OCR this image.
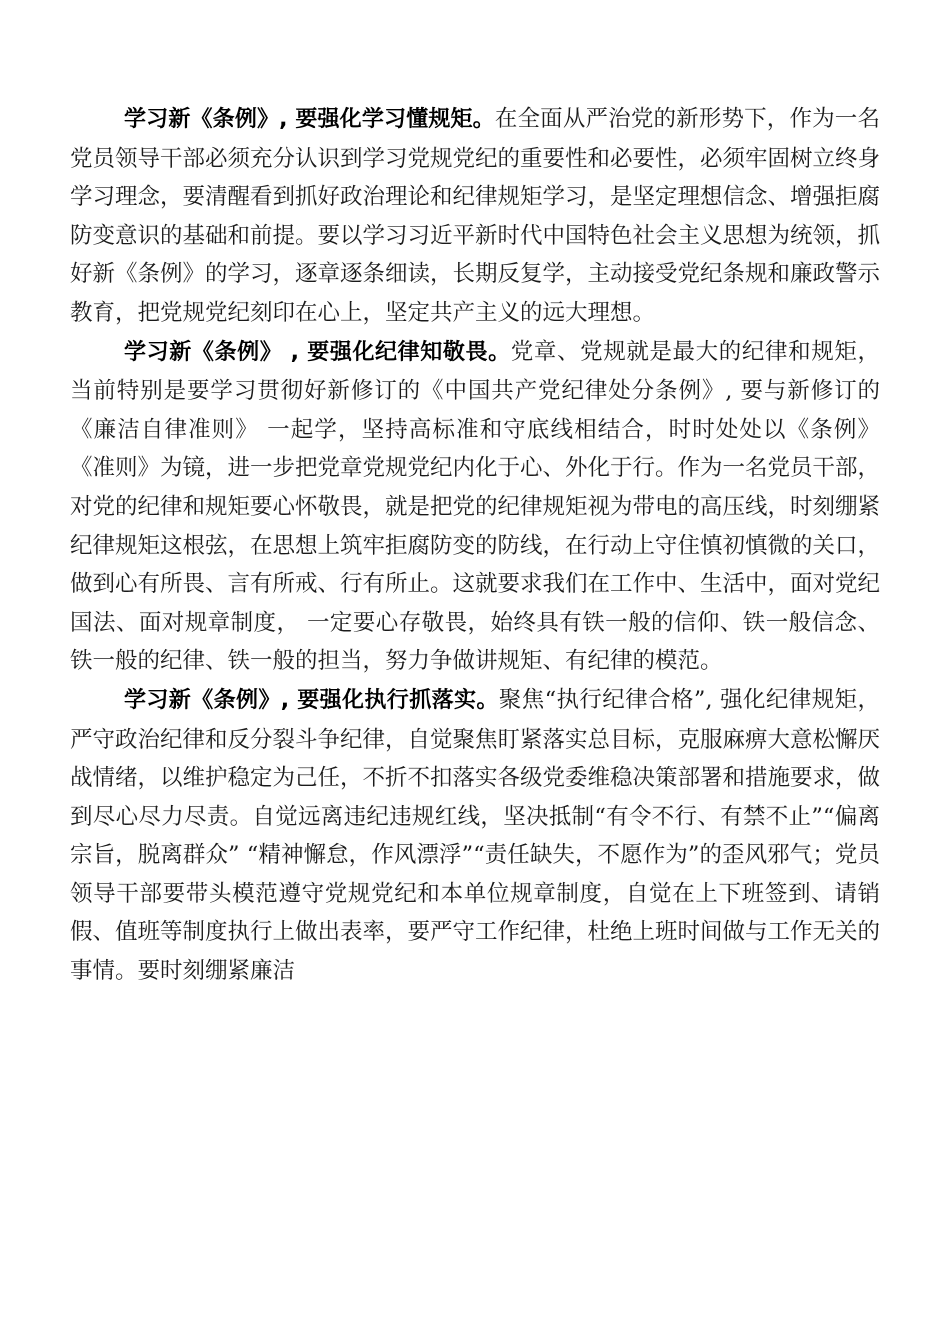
学习新《条例》, 要强化学习懂规矩。在全面从严治党的新形势下，作为一名党员领导干部必须充分认识到学习党规党纪的重要性和必要性，必须牢固树立终身学习理念，要清醒看到抓好政治理论和纪律规矩学习，是坚定理想信念、增强拒腐防变意识的基础和前提。要以学习习近平新时代中国特色社会主义思想为统领，抓好新《条例》的学习，逐章逐条细读，长期反复学，主动接受党纪条规和廉政警示教育，把党规党纪刻印在心上，坚定共产主义的远大理想。

学习新《条例》 , 要强化纪律知敬畏。党章、党规就是最大的纪律和规矩，当前特别是要学习贯彻好新修订的《中国共产党纪律处分条例》, 要与新修订的《廉洁自律准则》 一起学，坚持高标准和守底线相结合，时时处处以《条例》 《准则》为镜，进一步把党章党规党纪内化于心、外化于行。作为一名党员干部，对党的纪律和规矩要心怀敬畏，就是把党的纪律规矩视为带电的高压线，时刻绷紧纪律规矩这根弦，在思想上筑牢拒腐防变的防线，在行动上守住慎初慎微的关口，做到心有所畏、言有所戒、行有所止。这就要求我们在工作中、生活中，面对党纪国法、面对规章制度， 一定要心存敬畏，始终具有铁一般的信仰、铁一般信念、铁一般的纪律、铁一般的担当，努力争做讲规矩、有纪律的模范。

学习新《条例》, 要强化执行抓落实。聚焦“执行纪律合格”, 强化纪律规矩，严守政治纪律和反分裂斗争纪律，自觉聚焦盯紧落实总目标，克服麻痹大意松懈厌战情绪，以维护稳定为己任，不折不扣落实各级党委维稳决策部署和措施要求，做到尽心尽力尽责。自觉远离违纪违规红线，坚决抵制“有令不行、有禁不止”“偏离宗旨，脱离群众” “精神懈怠，作风漂浮”“责任缺失，不愿作为”的歪风邪气；党员领导干部要带头模范遵守党规党纪和本单位规章制度，自觉在上下班签到、请销假、值班等制度执行上做出表率，要严守工作纪律，杜绝上班时间做与工作无关的事情。要时刻绷紧廉洁
